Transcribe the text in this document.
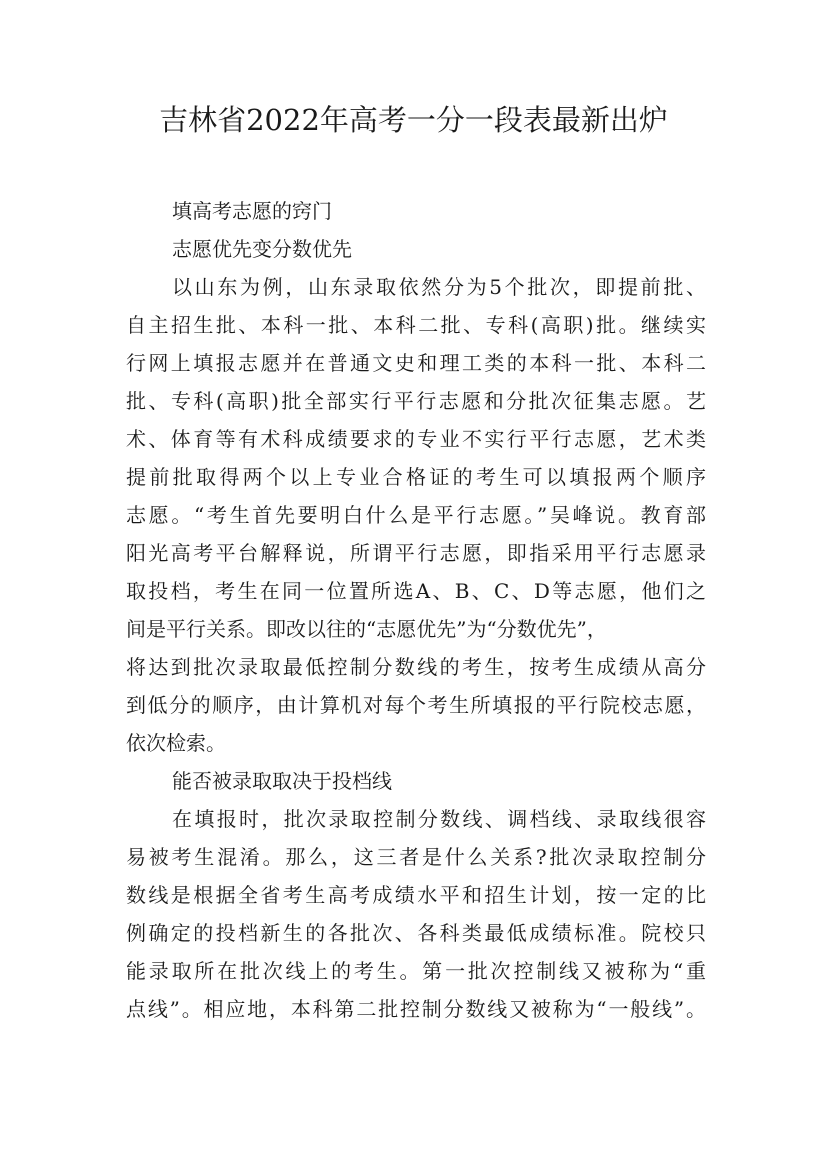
吉林省2022年高考一分一段表最新出炉
填高考志愿的窍门
志愿优先变分数优先
以山东为例，山东录取依然分为5个批次，即提前批、
自主招生批、本科一批、本科二批、专科(高职)批。继续实
行网上填报志愿并在普通文史和理工类的本科一批、本科二
批、专科(高职)批全部实行平行志愿和分批次征集志愿。艺
术、体育等有术科成绩要求的专业不实行平行志愿，艺术类
提前批取得两个以上专业合格证的考生可以填报两个顺序
志愿。“考生首先要明白什么是平行志愿。”吴峰说。教育部
阳光高考平台解释说，所谓平行志愿，即指采用平行志愿录
取投档，考生在同一位置所选A、B、C、D等志愿，他们之
间是平行关系。即改以往的“志愿优先”为“分数优先”，
将达到批次录取最低控制分数线的考生，按考生成绩从高分
到低分的顺序，由计算机对每个考生所填报的平行院校志愿，
依次检索。
能否被录取取决于投档线
在填报时，批次录取控制分数线、调档线、录取线很容
易被考生混淆。那么，这三者是什么关系?批次录取控制分
数线是根据全省考生高考成绩水平和招生计划，按一定的比
例确定的投档新生的各批次、各科类最低成绩标准。院校只
能录取所在批次线上的考生。第一批次控制线又被称为“重
点线”。相应地，本科第二批控制分数线又被称为“一般线”。
